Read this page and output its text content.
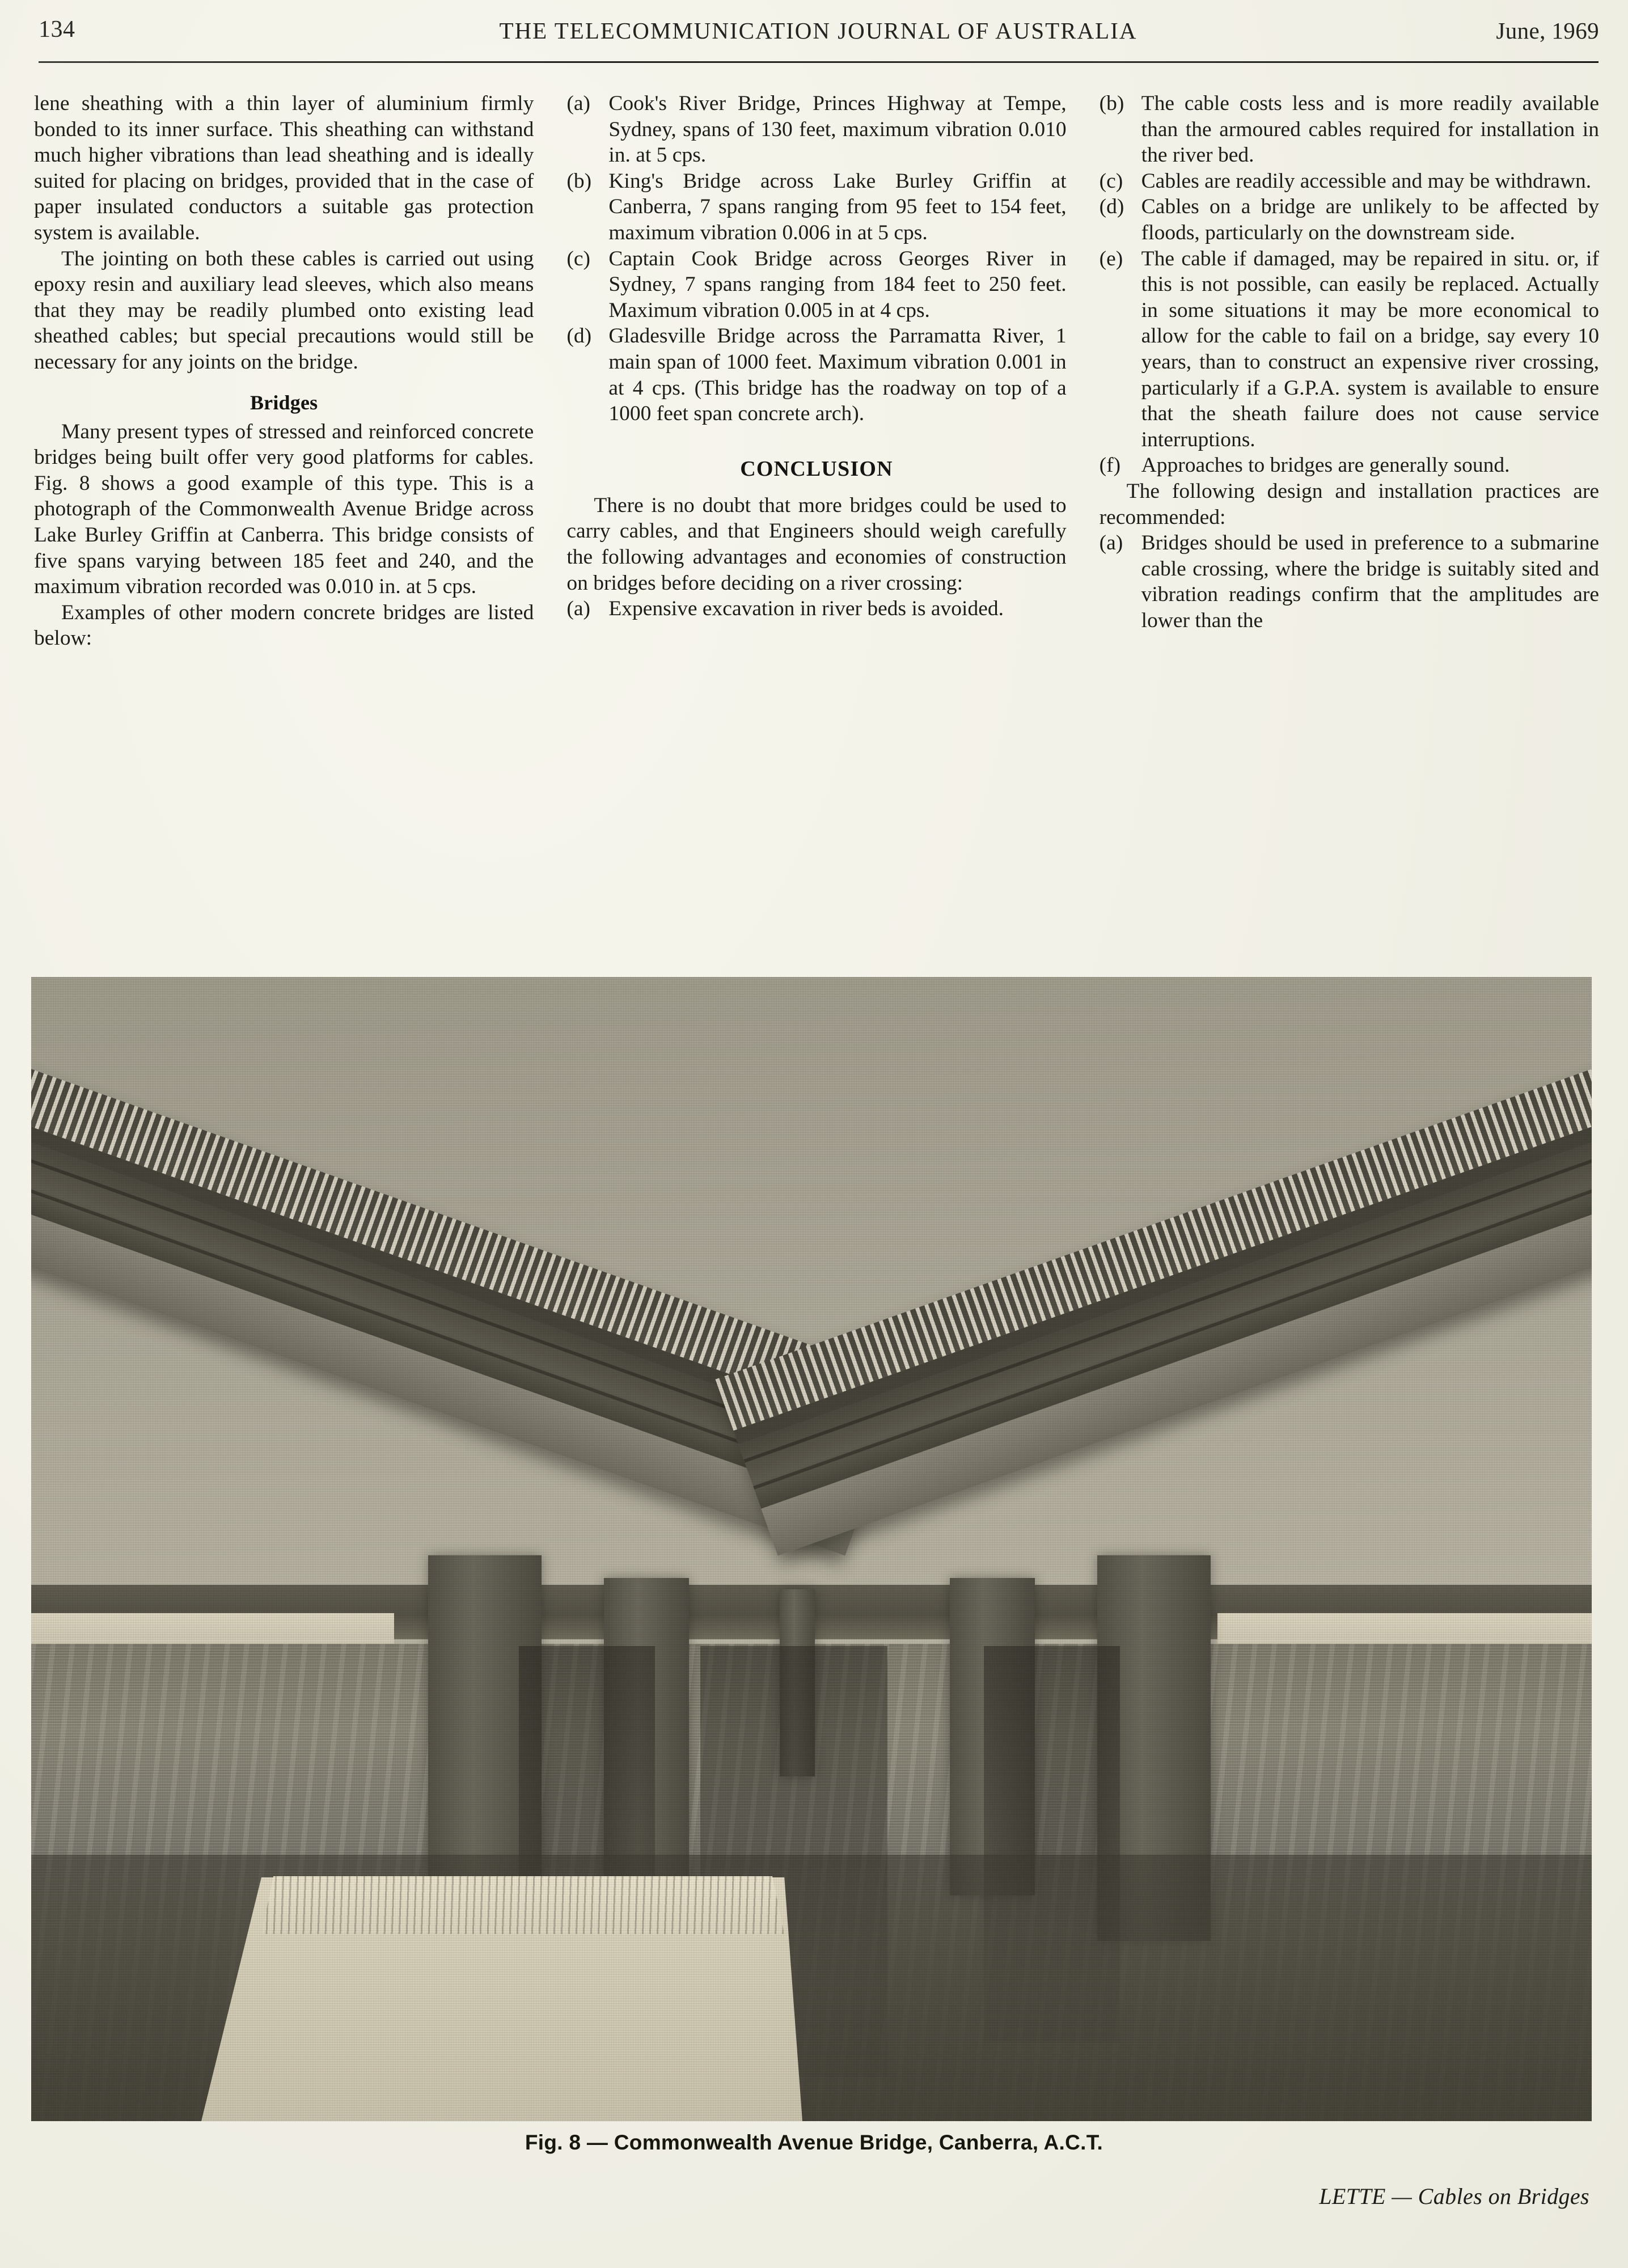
134	THE TELECOMMUNICATION JOURNAL OF AUSTRALIA	June, 1969

lene sheathing with a thin layer of aluminium firmly bonded to its inner surface. This sheathing can withstand much higher vibrations than lead sheathing and is ideally suited for placing on bridges, provided that in the case of paper insulated conductors a suitable gas protection system is available.

The jointing on both these cables is carried out using epoxy resin and auxiliary lead sleeves, which also means that they may be readily plumbed onto existing lead sheathed cables; but special precautions would still be necessary for any joints on the bridge.

Bridges

Many present types of stressed and reinforced concrete bridges being built offer very good platforms for cables. Fig. 8 shows a good example of this type. This is a photograph of the Commonwealth Avenue Bridge across Lake Burley Griffin at Canberra. This bridge consists of five spans varying between 185 feet and 240, and the maximum vibration recorded was 0.010 in. at 5 cps.

Examples of other modern concrete bridges are listed below:

(a) Cook's River Bridge, Princes Highway at Tempe, Sydney, spans of 130 feet, maximum vibration 0.010 in. at 5 cps.
(b) King's Bridge across Lake Burley Griffin at Canberra, 7 spans ranging from 95 feet to 154 feet, maximum vibration 0.006 in at 5 cps.
(c) Captain Cook Bridge across Georges River in Sydney, 7 spans ranging from 184 feet to 250 feet. Maximum vibration 0.005 in at 4 cps.
(d) Gladesville Bridge across the Parramatta River, 1 main span of 1000 feet. Maximum vibration 0.001 in at 4 cps. (This bridge has the roadway on top of a 1000 feet span concrete arch).
CONCLUSION

There is no doubt that more bridges could be used to carry cables, and that Engineers should weigh carefully the following advantages and economies of construction on bridges before deciding on a river crossing:

(a) Expensive excavation in river beds is avoided.
(b) The cable costs less and is more readily available than the armoured cables required for installation in the river bed.
(c) Cables are readily accessible and may be withdrawn.
(d) Cables on a bridge are unlikely to be affected by floods, particularly on the downstream side.
(e) The cable if damaged, may be repaired in situ. or, if this is not possible, can easily be replaced. Actually in some situations it may be more economical to allow for the cable to fail on a bridge, say every 10 years, than to construct an expensive river crossing, particularly if a G.P.A. system is available to ensure that the sheath failure does not cause service interruptions.
(f) Approaches to bridges are generally sound.

The following design and installation practices are recommended:

(a) Bridges should be used in preference to a submarine cable crossing, where the bridge is suitably sited and vibration readings confirm that the amplitudes are lower than the
Fig. 8 — Commonwealth Avenue Bridge, Canberra, A.C.T.
LETTE — Cables on Bridges
